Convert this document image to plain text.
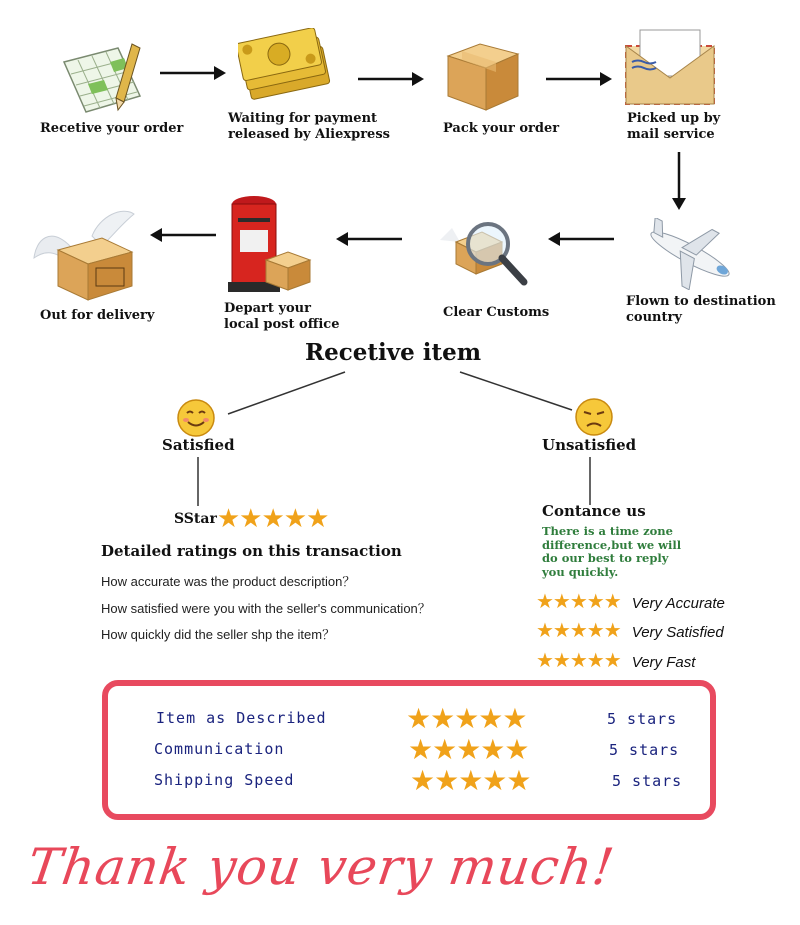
Recetive your order
Waiting for payment
released by Aliexpress	Pack your order
Picked up by
mail service
Flown to destination
country
Clear Customs
Depart your
local post office
Out for delivery
Recetive item
Satisfied	Unsatisfied
SStar★★★★★
Detailed ratings on this transaction
How accurate was the product description？
How satisfied were you with the seller's communication？
How quickly did the seller shp the item？
Contance us
There is a time zone
difference,but we will
do our best to reply
you quickly.
★★★★★ Very Accurate
★★★★★ Very Satisfied
★★★★★ Very Fast
Item as Described	★★★★★	5 stars
Communication	★★★★★	5 stars
Shipping Speed	★★★★★	5 stars
Thank you very much!
